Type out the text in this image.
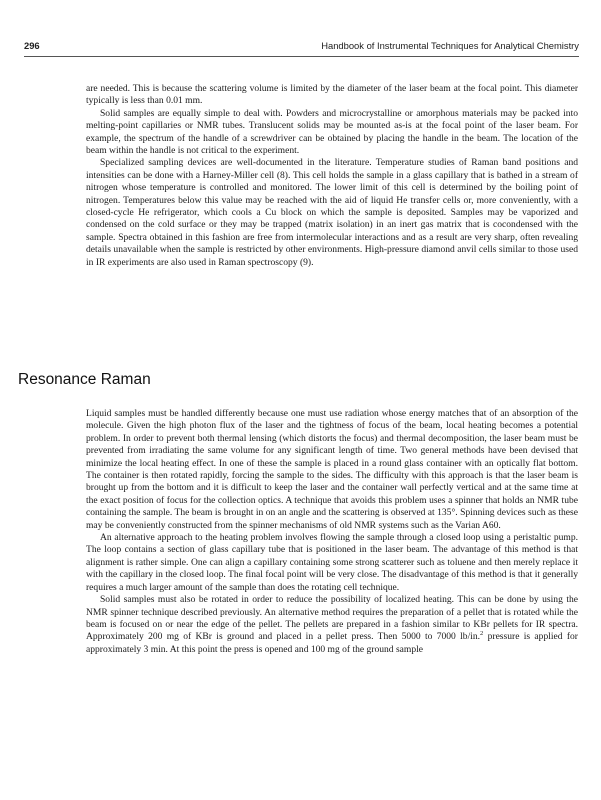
296	Handbook of Instrumental Techniques for Analytical Chemistry

are needed. This is because the scattering volume is limited by the diameter of the laser beam at the focal point. This diameter typically is less than 0.01 mm.

Solid samples are equally simple to deal with. Powders and microcrystalline or amorphous materials may be packed into melting-point capillaries or NMR tubes. Translucent solids may be mounted as-is at the focal point of the laser beam. For example, the spectrum of the handle of a screwdriver can be obtained by placing the handle in the beam. The location of the beam within the handle is not critical to the experiment.

Specialized sampling devices are well-documented in the literature. Temperature studies of Raman band positions and intensities can be done with a Harney-Miller cell (8). This cell holds the sample in a glass capillary that is bathed in a stream of nitrogen whose temperature is controlled and monitored. The lower limit of this cell is determined by the boiling point of nitrogen. Temperatures below this value may be reached with the aid of liquid He transfer cells or, more conveniently, with a closed-cycle He refrigerator, which cools a Cu block on which the sample is deposited. Samples may be vaporized and condensed on the cold surface or they may be trapped (matrix isolation) in an inert gas matrix that is cocondensed with the sample. Spectra obtained in this fashion are free from intermolecular interactions and as a result are very sharp, often revealing details unavailable when the sample is restricted by other environments. High-pressure diamond anvil cells similar to those used in IR experiments are also used in Raman spectroscopy (9).

Resonance Raman

Liquid samples must be handled differently because one must use radiation whose energy matches that of an absorption of the molecule. Given the high photon flux of the laser and the tightness of focus of the beam, local heating becomes a potential problem. In order to prevent both thermal lensing (which distorts the focus) and thermal decomposition, the laser beam must be prevented from irradiating the same volume for any significant length of time. Two general methods have been devised that minimize the local heating effect. In one of these the sample is placed in a round glass container with an optically flat bottom. The container is then rotated rapidly, forcing the sample to the sides. The difficulty with this approach is that the laser beam is brought up from the bottom and it is difficult to keep the laser and the container wall perfectly vertical and at the same time at the exact position of focus for the collection optics. A technique that avoids this problem uses a spinner that holds an NMR tube containing the sample. The beam is brought in on an angle and the scattering is observed at 135°. Spinning devices such as these may be conveniently constructed from the spinner mechanisms of old NMR systems such as the Varian A60.

An alternative approach to the heating problem involves flowing the sample through a closed loop using a peristaltic pump. The loop contains a section of glass capillary tube that is positioned in the laser beam. The advantage of this method is that alignment is rather simple. One can align a capillary containing some strong scatterer such as toluene and then merely replace it with the capillary in the closed loop. The final focal point will be very close. The disadvantage of this method is that it generally requires a much larger amount of the sample than does the rotating cell technique.

Solid samples must also be rotated in order to reduce the possibility of localized heating. This can be done by using the NMR spinner technique described previously. An alternative method requires the preparation of a pellet that is rotated while the beam is focused on or near the edge of the pellet. The pellets are prepared in a fashion similar to KBr pellets for IR spectra. Approximately 200 mg of KBr is ground and placed in a pellet press. Then 5000 to 7000 lb/in.$^2$ pressure is applied for approximately 3 min. At this point the press is opened and 100 mg of the ground sample
